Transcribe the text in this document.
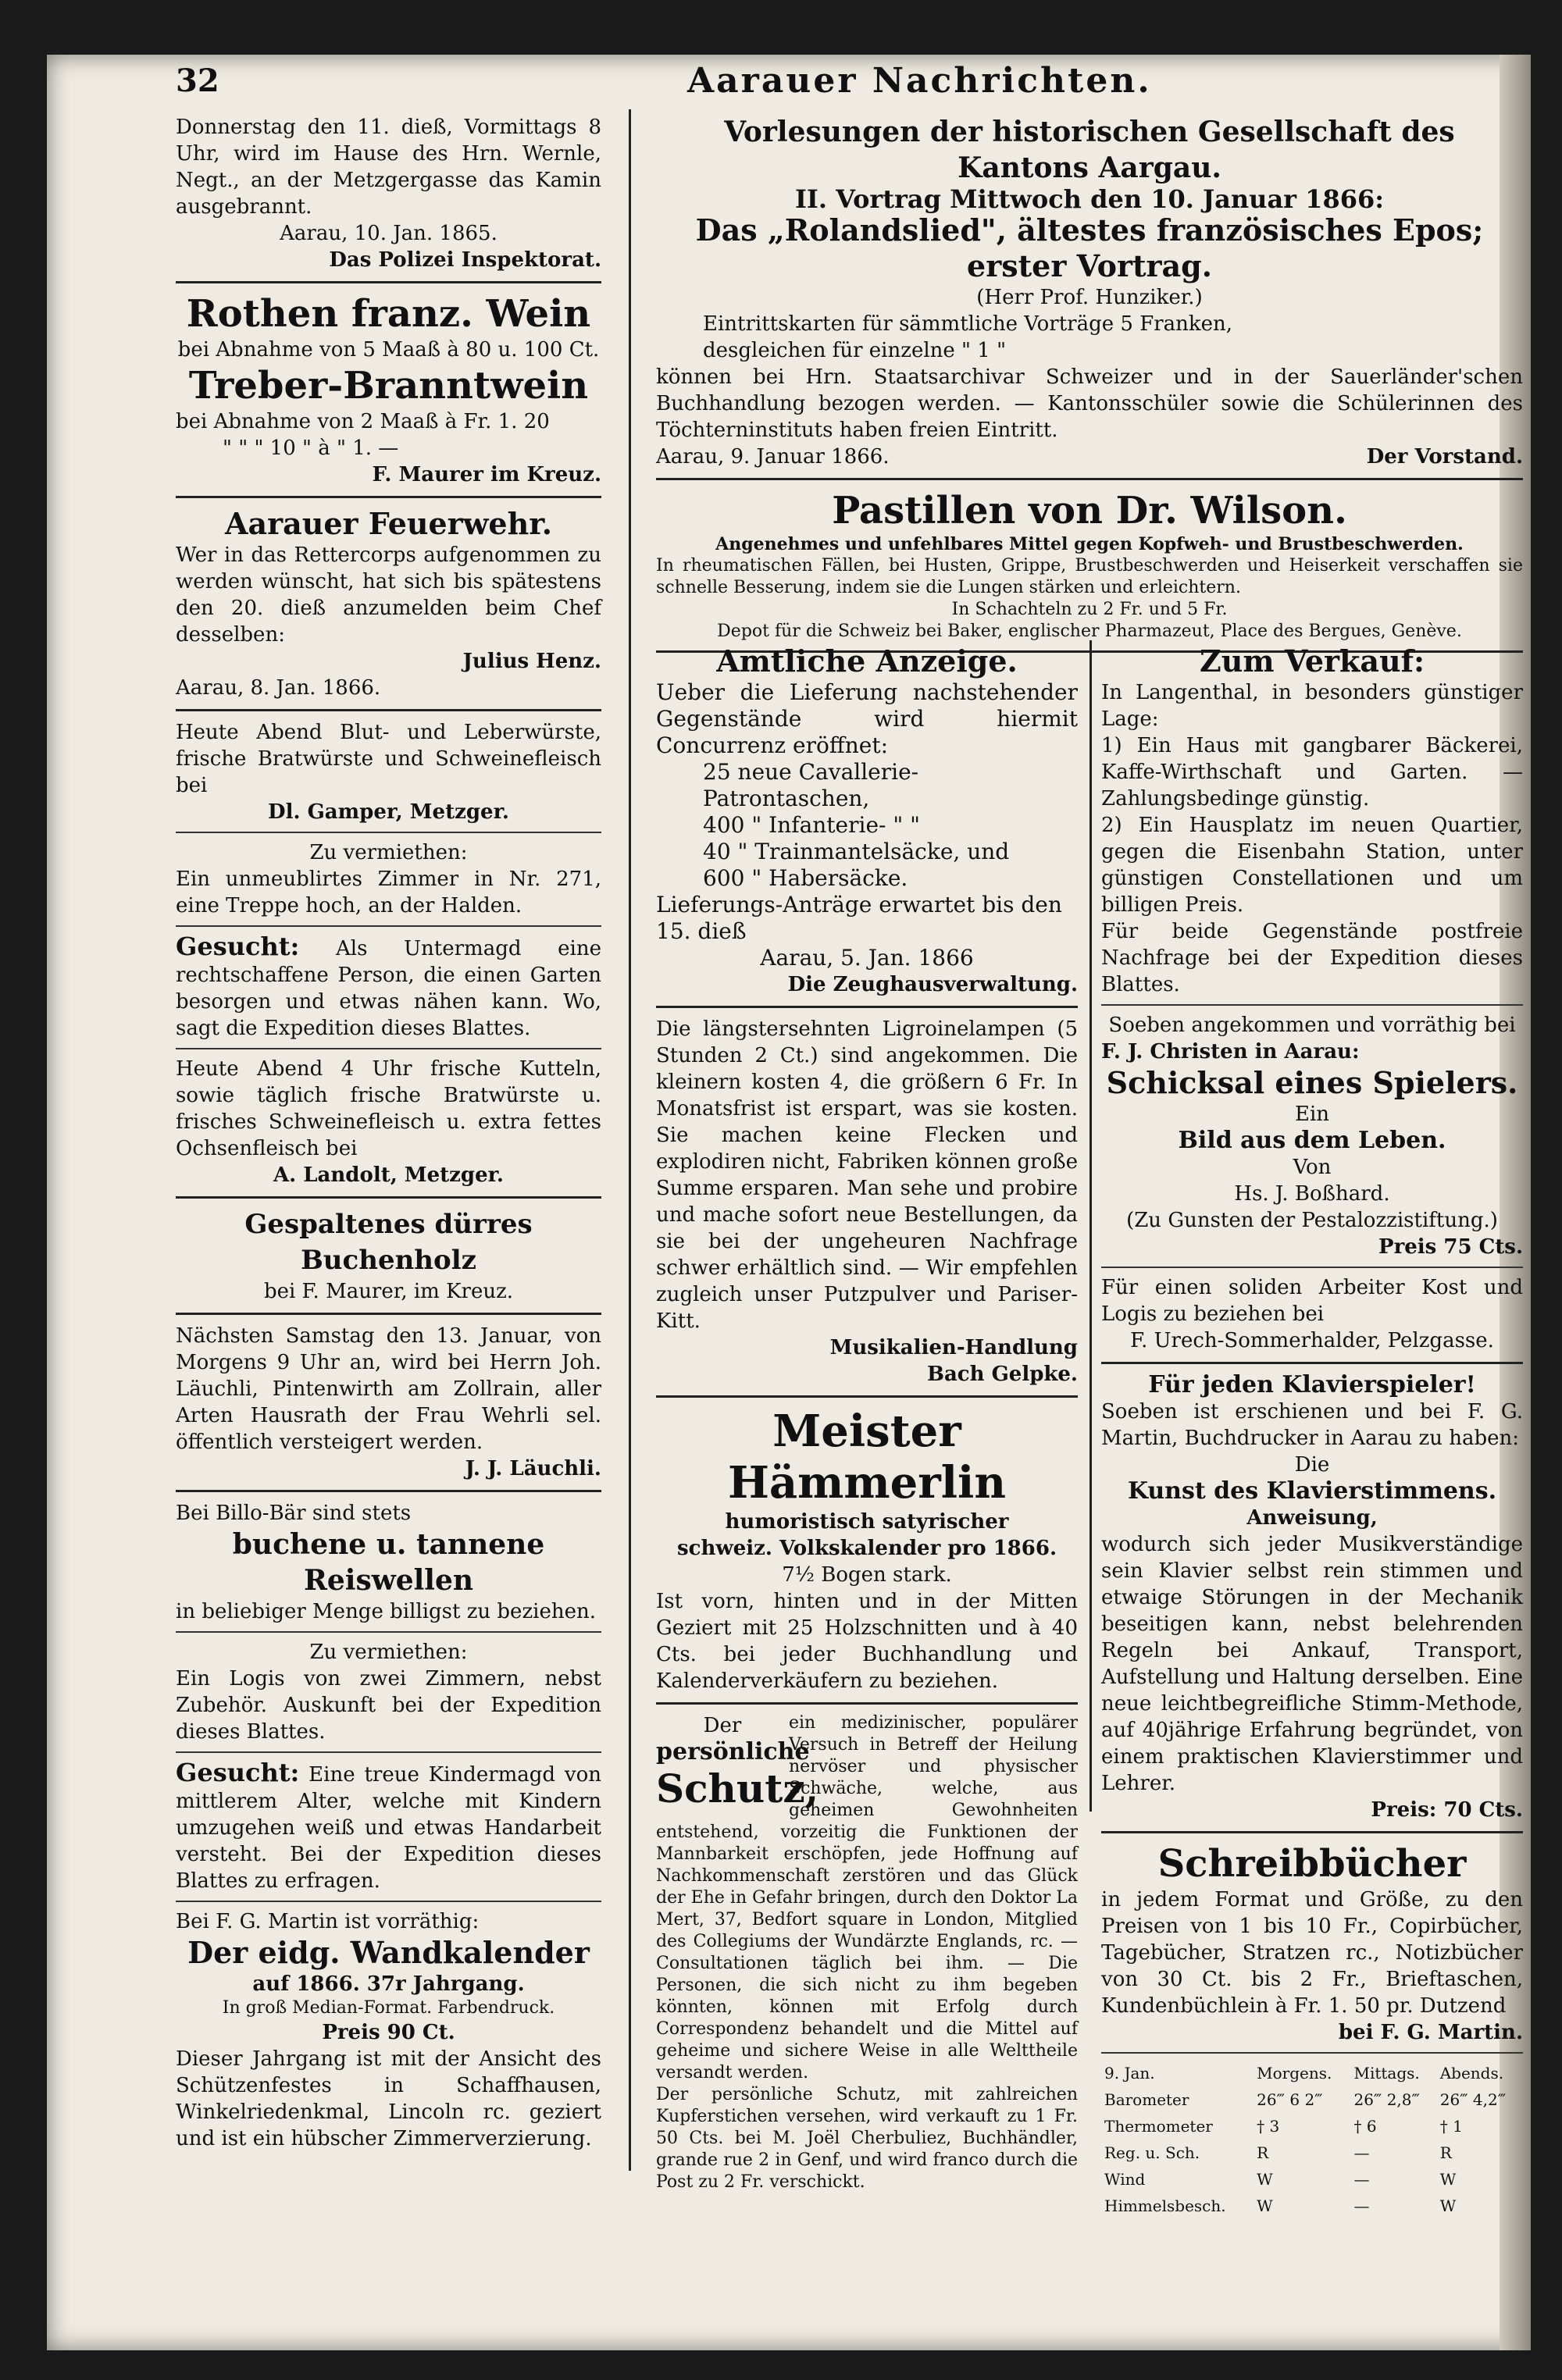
32	Aarauer Nachrichten.
Donnerstag den 11. dieß, Vormittags 8 Uhr, wird im Hause des Hrn. Wernle, Negt., an der Metzgergasse das Kamin ausgebrannt.
Aarau, 10. Jan. 1865.
Das Polizei Inspektorat.
Rothen franz. Wein
bei Abnahme von 5 Maaß à 80 u. 100 Ct.
Treber-Branntwein
bei Abnahme von 2 Maaß à Fr. 1. 20
" " " 10 " à " 1. —
F. Maurer im Kreuz.
Aarauer Feuerwehr.
Wer in das Rettercorps aufgenommen zu werden wünscht, hat sich bis spätestens den 20. dieß anzumelden beim Chef desselben:
Julius Henz.
Aarau, 8. Jan. 1866.
Heute Abend Blut- und Leberwürste, frische Bratwürste und Schweinefleisch bei
Dl. Gamper, Metzger.
Zu vermiethen:
Ein unmeublirtes Zimmer in Nr. 271, eine Treppe hoch, an der Halden.
Gesucht: Als Untermagd eine rechtschaffene Person, die einen Garten besorgen und etwas nähen kann. Wo, sagt die Expedition dieses Blattes.
Heute Abend 4 Uhr frische Kutteln, sowie täglich frische Bratwürste u. frisches Schweinefleisch u. extra fettes Ochsenfleisch bei
A. Landolt, Metzger.
Gespaltenes dürres Buchenholz
bei F. Maurer, im Kreuz.
Nächsten Samstag den 13. Januar, von Morgens 9 Uhr an, wird bei Herrn Joh. Läuchli, Pintenwirth am Zollrain, aller Arten Hausrath der Frau Wehrli sel. öffentlich versteigert werden.
J. J. Läuchli.
Bei Billo-Bär sind stets
buchene u. tannene Reiswellen
in beliebiger Menge billigst zu beziehen.
Zu vermiethen:
Ein Logis von zwei Zimmern, nebst Zubehör. Auskunft bei der Expedition dieses Blattes.
Gesucht: Eine treue Kindermagd von mittlerem Alter, welche mit Kindern umzugehen weiß und etwas Handarbeit versteht. Bei der Expedition dieses Blattes zu erfragen.
Bei F. G. Martin ist vorräthig:
Der eidg. Wandkalender
auf 1866. 37r Jahrgang.
In groß Median-Format. Farbendruck.
Preis 90 Ct.
Dieser Jahrgang ist mit der Ansicht des Schützenfestes in Schaffhausen, Winkelriedenkmal, Lincoln rc. geziert und ist ein hübscher Zimmerverzierung.
Vorlesungen der historischen Gesellschaft des Kantons Aargau.
II. Vortrag Mittwoch den 10. Januar 1866:
Das „Rolandslied", ältestes französisches Epos; erster Vortrag.
(Herr Prof. Hunziker.)
Eintrittskarten für sämmtliche Vorträge 5 Franken,
desgleichen für einzelne " 1 "
können bei Hrn. Staatsarchivar Schweizer und in der Sauerländer'schen Buchhandlung bezogen werden. — Kantonsschüler sowie die Schülerinnen des Töchterninstituts haben freien Eintritt.
Aarau, 9. Januar 1866.	Der Vorstand.
Pastillen von Dr. Wilson.
Angenehmes und unfehlbares Mittel gegen Kopfweh- und Brustbeschwerden.
In rheumatischen Fällen, bei Husten, Grippe, Brustbeschwerden und Heiserkeit verschaffen sie schnelle Besserung, indem sie die Lungen stärken und erleichtern.
In Schachteln zu 2 Fr. und 5 Fr.
Depot für die Schweiz bei Baker, englischer Pharmazeut, Place des Bergues, Genève.
Amtliche Anzeige.
Ueber die Lieferung nachstehender Gegenstände wird hiermit Concurrenz eröffnet:
25 neue Cavallerie-Patrontaschen,
400 " Infanterie- " "
40 " Trainmantelsäcke, und
600 " Habersäcke.
Lieferungs-Anträge erwartet bis den 15. dieß
Aarau, 5. Jan. 1866
Die Zeughausverwaltung.
Die längstersehnten Ligroinelampen (5 Stunden 2 Ct.) sind angekommen. Die kleinern kosten 4, die größern 6 Fr. In Monatsfrist ist erspart, was sie kosten. Sie machen keine Flecken und explodiren nicht, Fabriken können große Summe ersparen. Man sehe und probire und mache sofort neue Bestellungen, da sie bei der ungeheuren Nachfrage schwer erhältlich sind. — Wir empfehlen zugleich unser Putzpulver und Pariser-Kitt.
Musikalien-Handlung
Bach Gelpke.
Meister Hämmerlin
humoristisch satyrischer
schweiz. Volkskalender pro 1866.
7½ Bogen stark.
Ist vorn, hinten und in der Mitten Geziert mit 25 Holzschnitten und à 40 Cts. bei jeder Buchhandlung und Kalenderverkäufern zu beziehen.
Der
persönliche
Schutz,
ein medizinischer, populärer Versuch in Betreff der Heilung nervöser und physischer Schwäche, welche, aus geheimen Gewohnheiten entstehend, vorzeitig die Funktionen der Mannbarkeit erschöpfen, jede Hoffnung auf Nachkommenschaft zerstören und das Glück der Ehe in Gefahr bringen, durch den Doktor La Mert, 37, Bedfort square in London, Mitglied des Collegiums der Wundärzte Englands, rc. — Consultationen täglich bei ihm. — Die Personen, die sich nicht zu ihm begeben könnten, können mit Erfolg durch Correspondenz behandelt und die Mittel auf geheime und sichere Weise in alle Welttheile versandt werden.
Der persönliche Schutz, mit zahlreichen Kupferstichen versehen, wird verkauft zu 1 Fr. 50 Cts. bei M. Joël Cherbuliez, Buchhändler, grande rue 2 in Genf, und wird franco durch die Post zu 2 Fr. verschickt.
Zum Verkauf:
In Langenthal, in besonders günstiger Lage:
1) Ein Haus mit gangbarer Bäckerei, Kaffe-Wirthschaft und Garten. — Zahlungsbedinge günstig.
2) Ein Hausplatz im neuen Quartier, gegen die Eisenbahn Station, unter günstigen Constellationen und um billigen Preis.
Für beide Gegenstände postfreie Nachfrage bei der Expedition dieses Blattes.
Soeben angekommen und vorräthig bei
F. J. Christen in Aarau:
Schicksal eines Spielers.
Ein
Bild aus dem Leben.
Von
Hs. J. Boßhard.
(Zu Gunsten der Pestalozzistiftung.)
Preis 75 Cts.
Für einen soliden Arbeiter Kost und Logis zu beziehen bei
F. Urech-Sommerhalder, Pelzgasse.
Für jeden Klavierspieler!
Soeben ist erschienen und bei F. G. Martin, Buchdrucker in Aarau zu haben:
Die
Kunst des Klavierstimmens.
Anweisung,
wodurch sich jeder Musikverständige sein Klavier selbst rein stimmen und etwaige Störungen in der Mechanik beseitigen kann, nebst belehrenden Regeln bei Ankauf, Transport, Aufstellung und Haltung derselben. Eine neue leichtbegreifliche Stimm-Methode, auf 40jährige Erfahrung begründet, von einem praktischen Klavierstimmer und Lehrer.
Preis: 70 Cts.
Schreibbücher
in jedem Format und Größe, zu den Preisen von 1 bis 10 Fr., Copirbücher, Tagebücher, Stratzen rc., Notizbücher von 30 Ct. bis 2 Fr., Brieftaschen, Kundenbüchlein à Fr. 1. 50 pr. Dutzend
bei F. G. Martin.
9. Jan.	Morgens.	Mittags.	Abends.
Barometer	26‴ 6 2‴	26‴ 2,8‴	26‴ 4,2‴
Thermometer	† 3	† 6	† 1
Reg. u. Sch.	R	—	R
Wind	W	—	W
Himmelsbesch.	W	—	W
